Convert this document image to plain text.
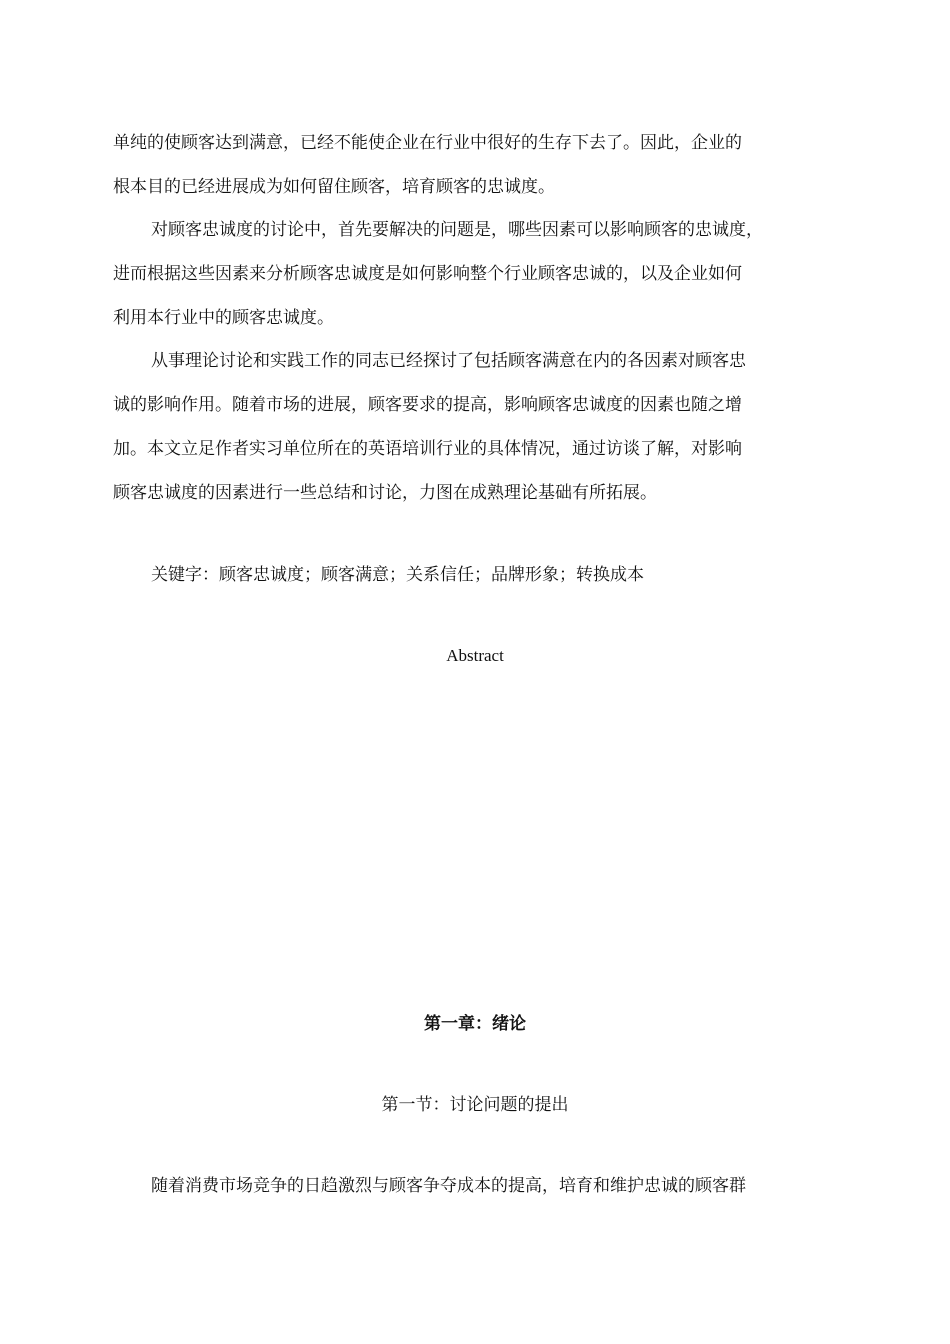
单纯的使顾客达到满意，已经不能使企业在行业中很好的生存下去了。因此，企业的
根本目的已经进展成为如何留住顾客，培育顾客的忠诚度。
对顾客忠诚度的讨论中，首先要解决的问题是，哪些因素可以影响顾客的忠诚度，
进而根据这些因素来分析顾客忠诚度是如何影响整个行业顾客忠诚的，以及企业如何
利用本行业中的顾客忠诚度。
从事理论讨论和实践工作的同志已经探讨了包括顾客满意在内的各因素对顾客忠
诚的影响作用。随着市场的进展，顾客要求的提高，影响顾客忠诚度的因素也随之增
加。本文立足作者实习单位所在的英语培训行业的具体情况，通过访谈了解，对影响
顾客忠诚度的因素进行一些总结和讨论，力图在成熟理论基础有所拓展。
关键字：顾客忠诚度；顾客满意；关系信任；品牌形象；转换成本
Abstract
第一章：绪论
第一节：讨论问题的提出
随着消费市场竞争的日趋激烈与顾客争夺成本的提高，培育和维护忠诚的顾客群
